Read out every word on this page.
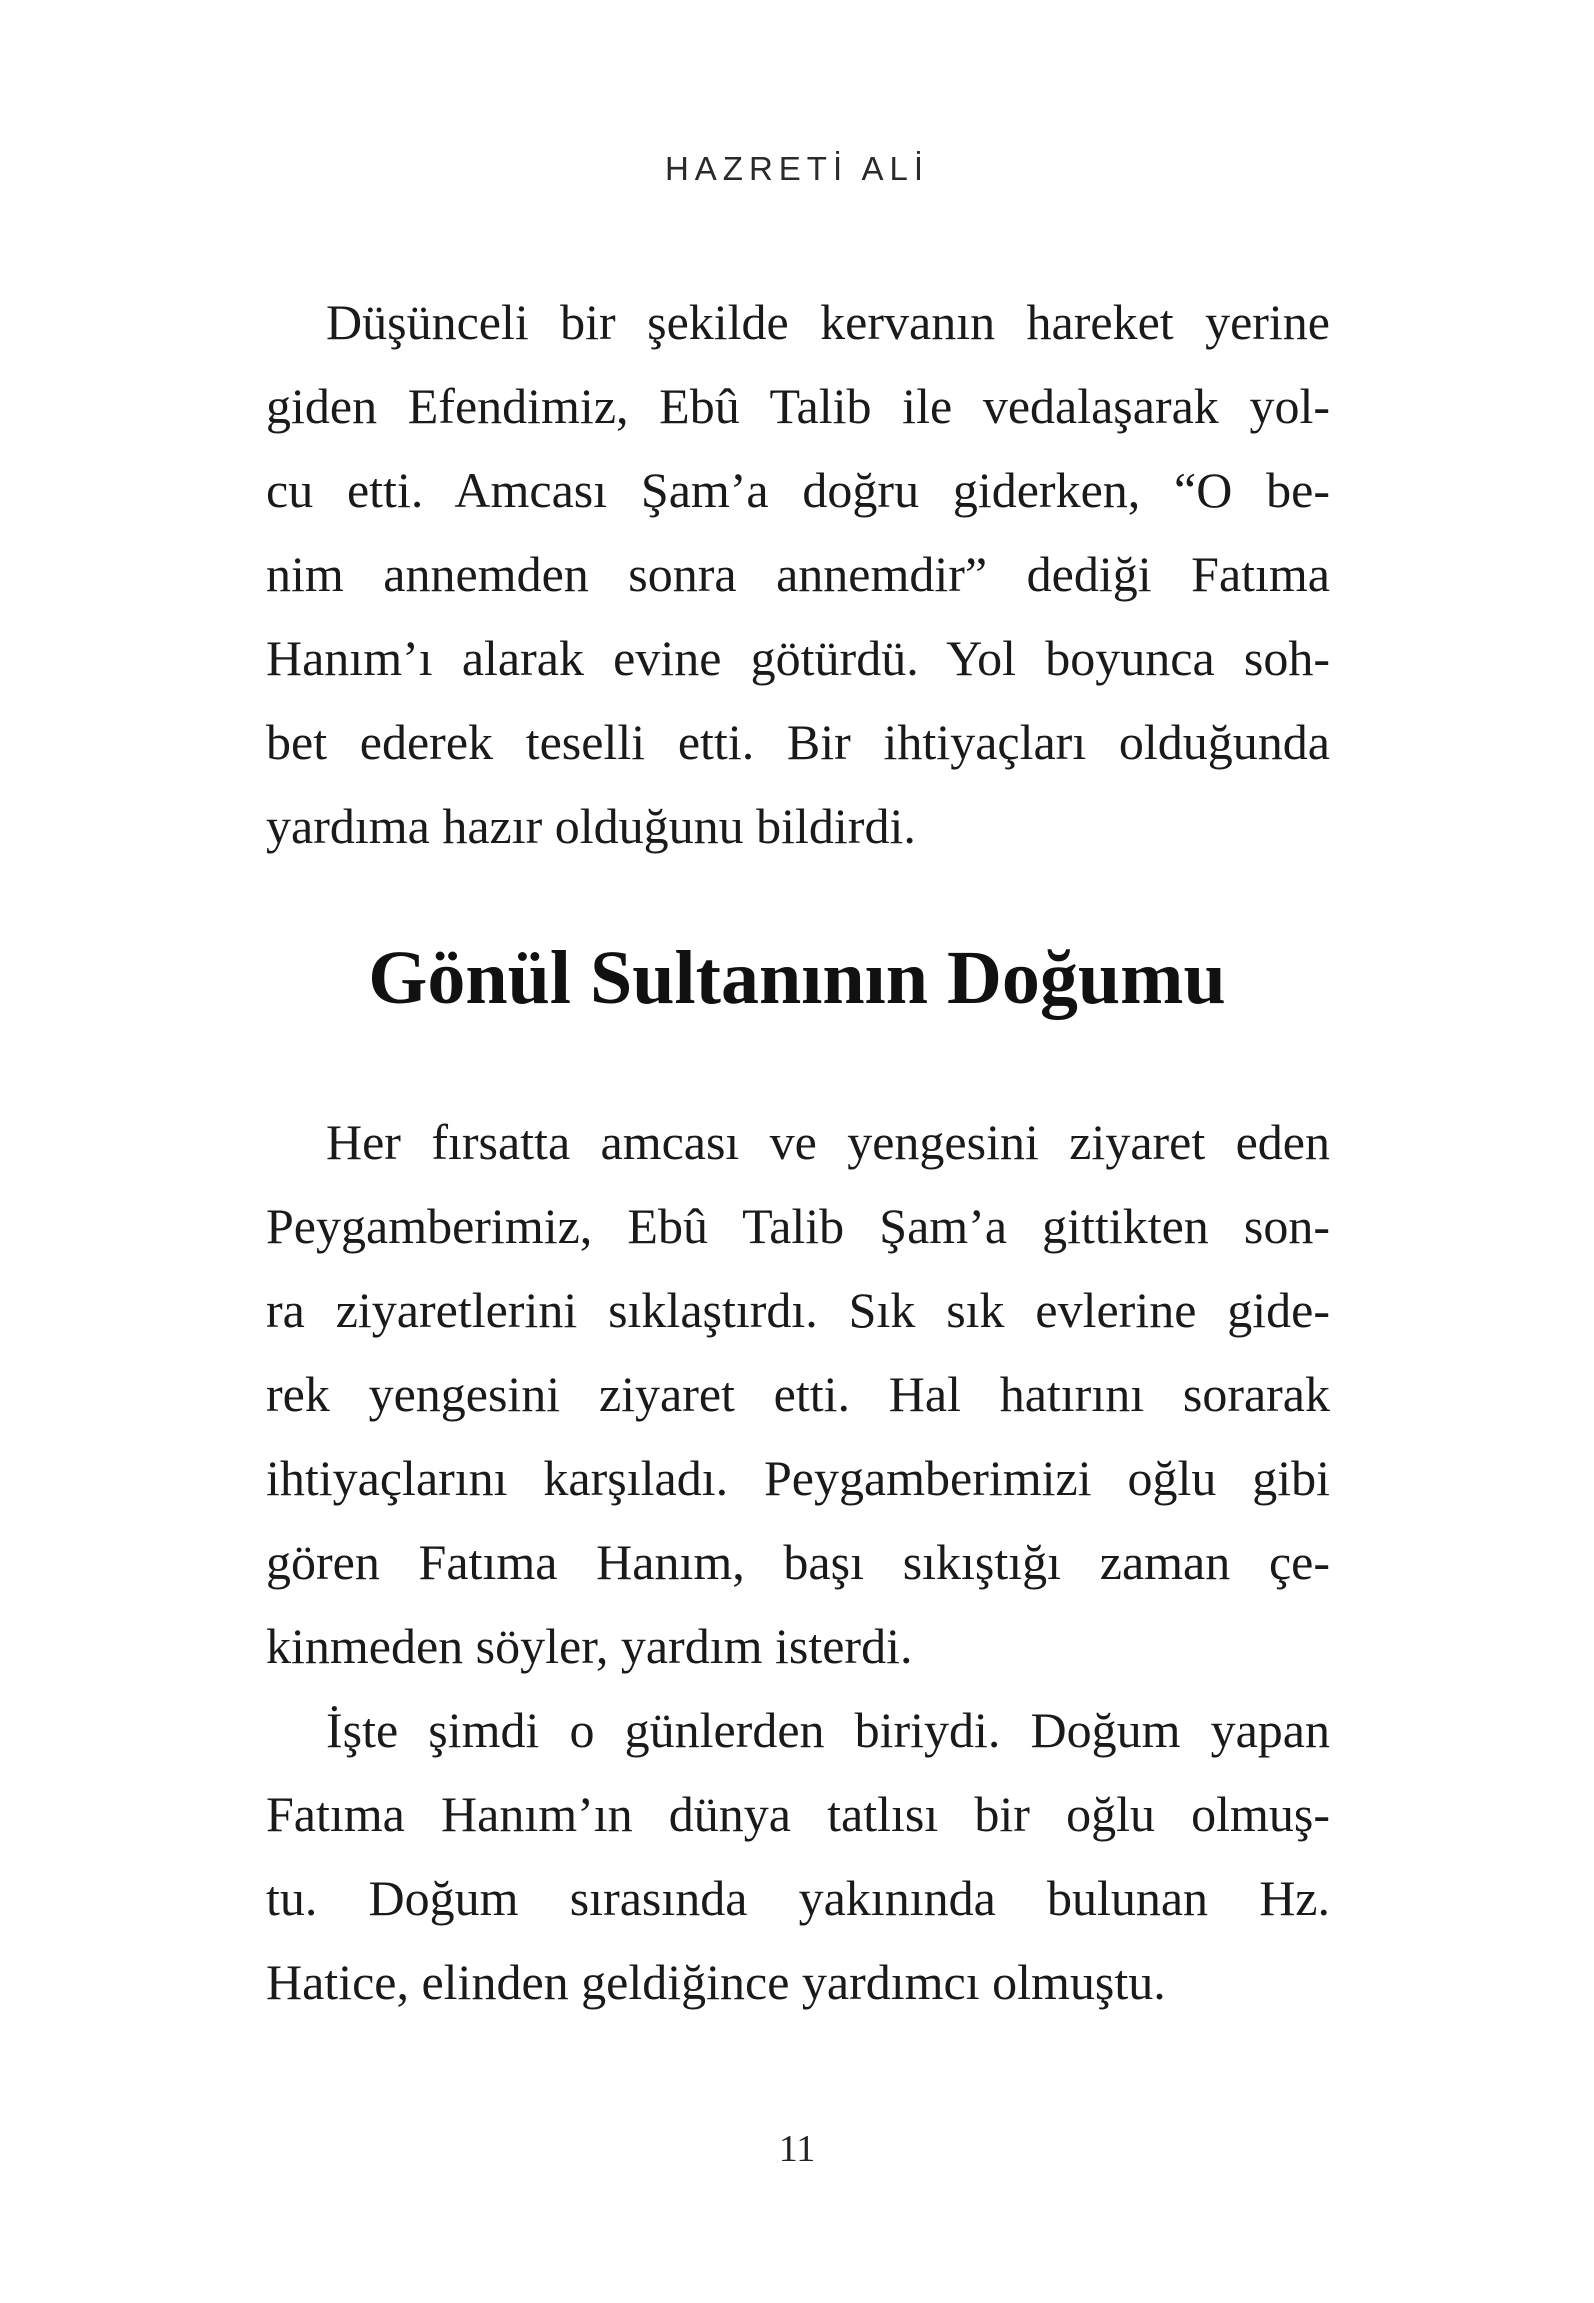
HAZRETİ ALİ
Düşünceli bir şekilde kervanın hareket yerine
giden Efendimiz, Ebû Talib ile vedalaşarak yol-
cu etti. Amcası Şam’a doğru giderken, “O be-
nim annemden sonra annemdir” dediği Fatıma
Hanım’ı alarak evine götürdü. Yol boyunca soh-
bet ederek teselli etti. Bir ihtiyaçları olduğunda
yardıma hazır olduğunu bildirdi.
Gönül Sultanının Doğumu
Her fırsatta amcası ve yengesini ziyaret eden
Peygamberimiz, Ebû Talib Şam’a gittikten son-
ra ziyaretlerini sıklaştırdı. Sık sık evlerine gide-
rek yengesini ziyaret etti. Hal hatırını sorarak
ihtiyaçlarını karşıladı. Peygamberimizi oğlu gibi
gören Fatıma Hanım, başı sıkıştığı zaman çe-
kinmeden söyler, yardım isterdi.
İşte şimdi o günlerden biriydi. Doğum yapan
Fatıma Hanım’ın dünya tatlısı bir oğlu olmuş-
tu. Doğum sırasında yakınında bulunan Hz.
Hatice, elinden geldiğince yardımcı olmuştu.
11
